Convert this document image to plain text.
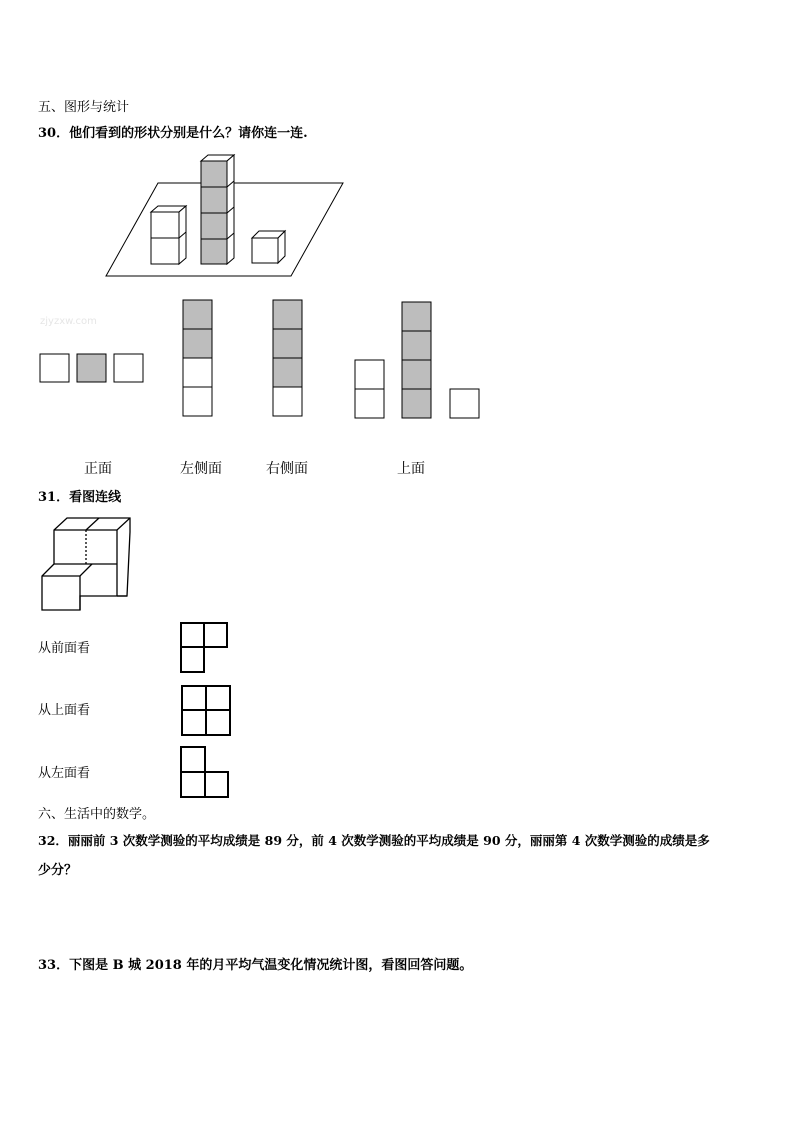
五、图形与统计
30．他们看到的形状分别是什么？请你连一连.
zjyzxw.com
正面	左侧面	右侧面	上面
31．看图连线
从前面看
从上面看
从左面看
六、生活中的数学。
32．丽丽前 3 次数学测验的平均成绩是 89 分，前 4 次数学测验的平均成绩是 90 分，丽丽第 4 次数学测验的成绩是多
少分？
33．下图是 B 城 2018 年的月平均气温变化情况统计图，看图回答问题。
